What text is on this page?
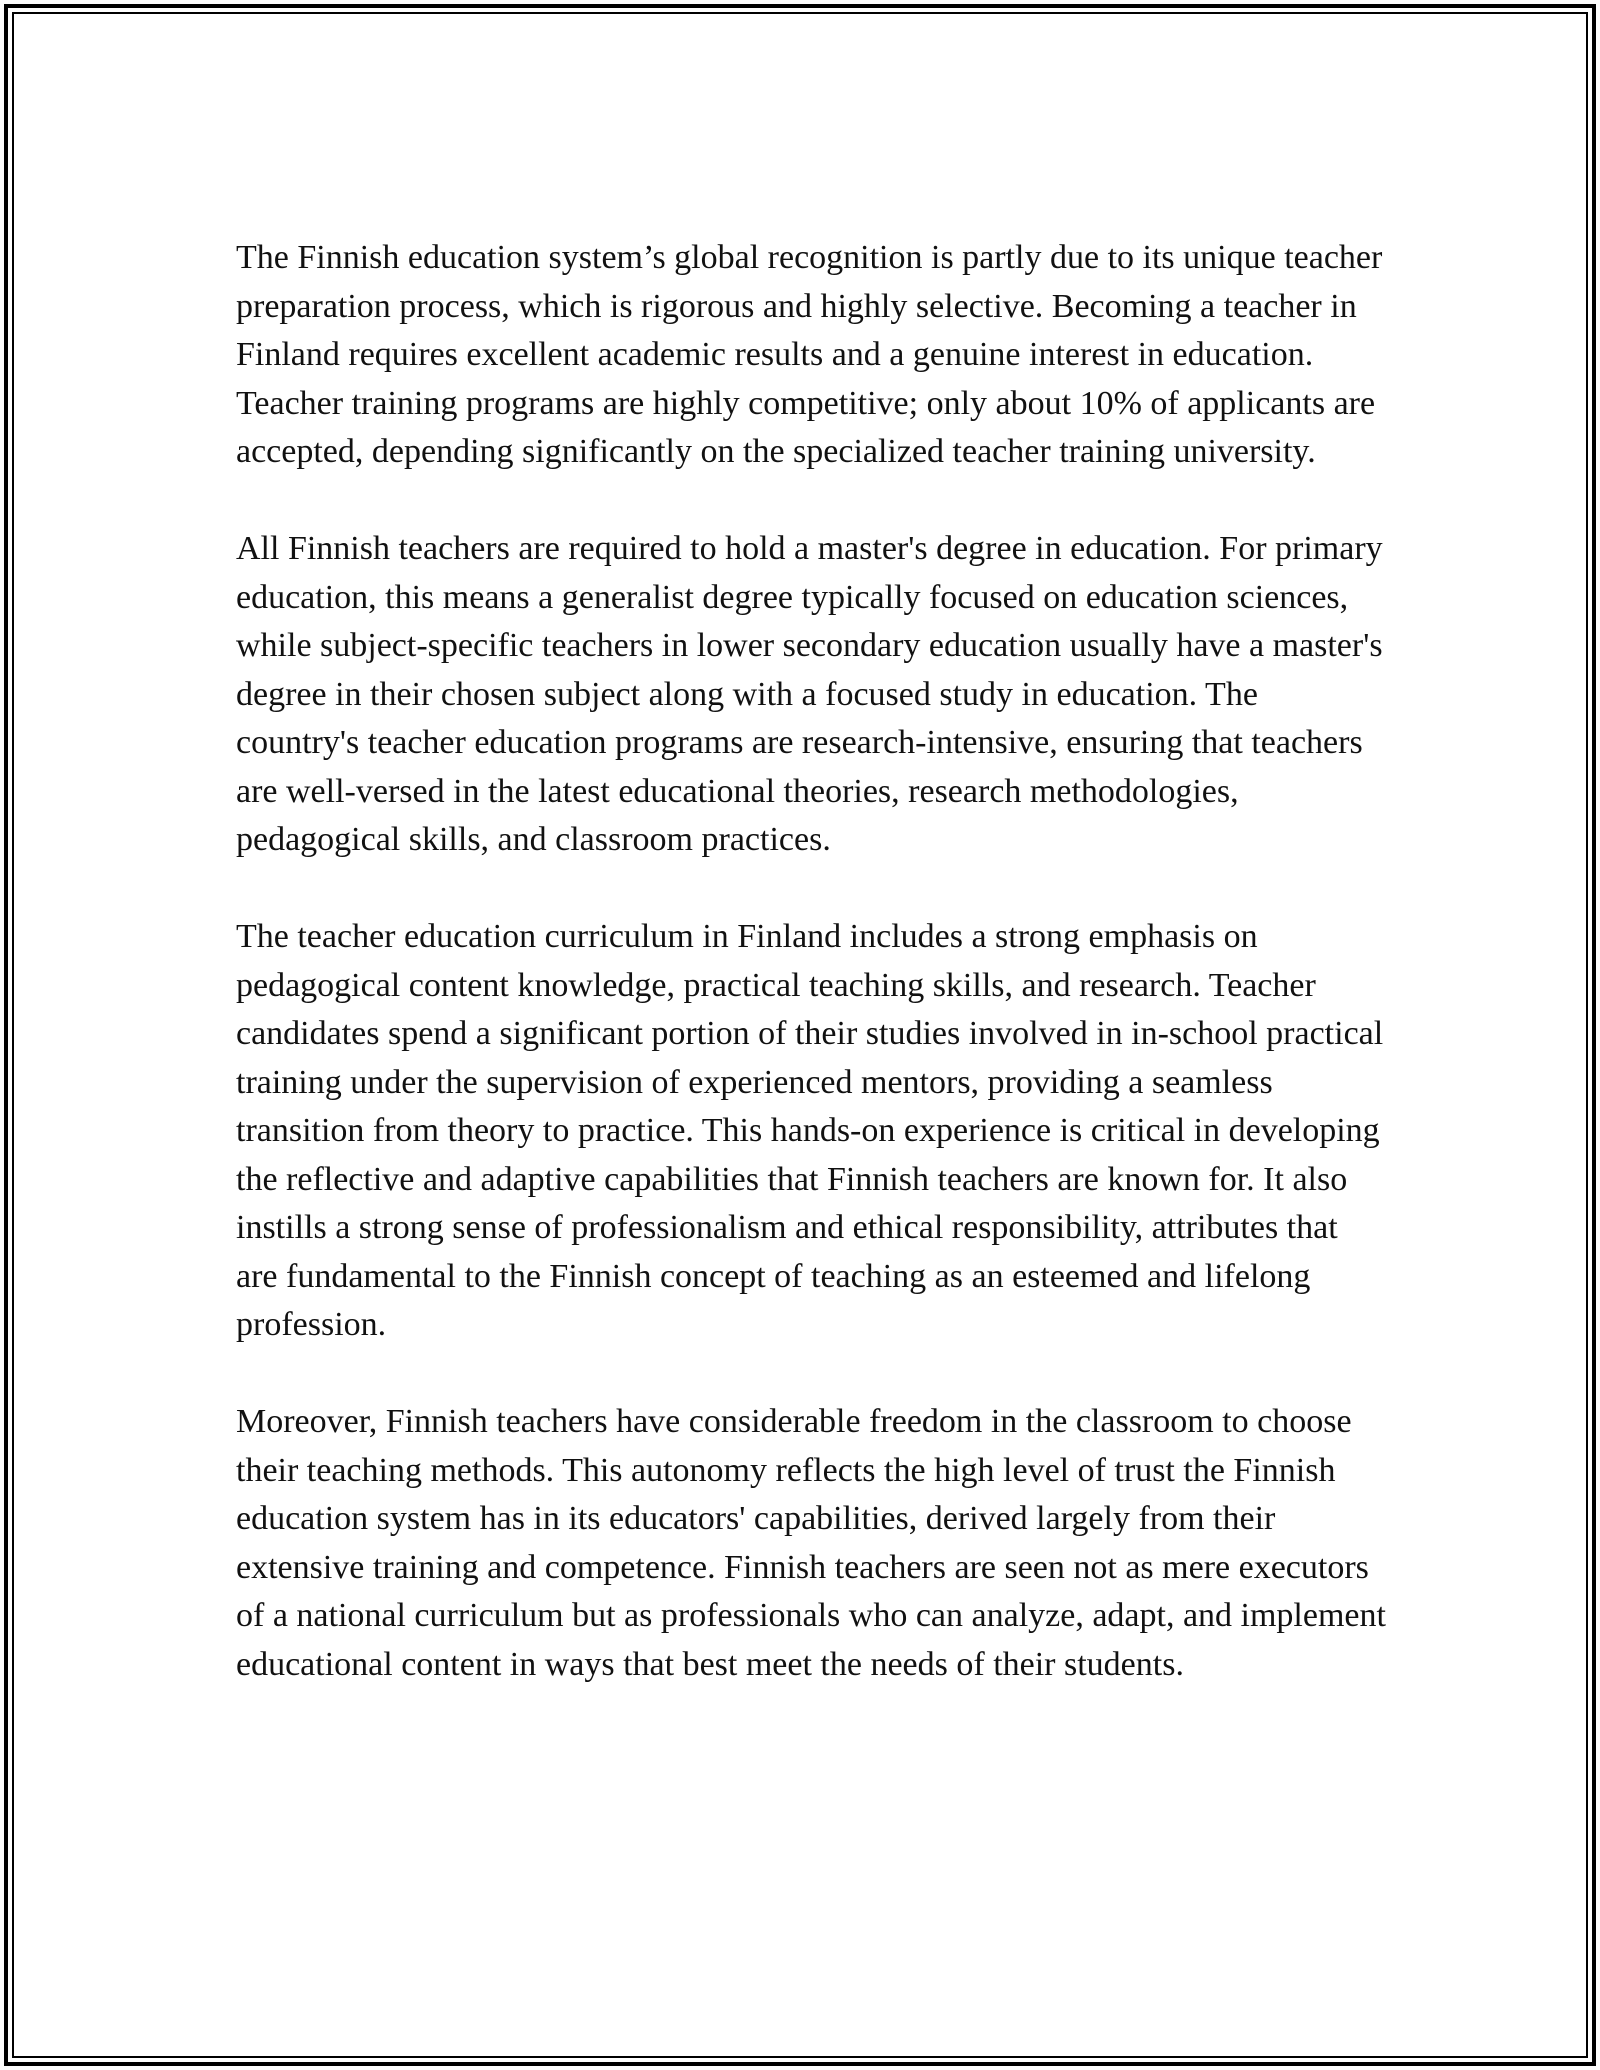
The Finnish education system’s global recognition is partly due to its unique teacher preparation process, which is rigorous and highly selective. Becoming a teacher in Finland requires excellent academic results and a genuine interest in education. Teacher training programs are highly competitive; only about 10% of applicants are accepted, depending significantly on the specialized teacher training university.

All Finnish teachers are required to hold a master's degree in education. For primary education, this means a generalist degree typically focused on education sciences, while subject-specific teachers in lower secondary education usually have a master's degree in their chosen subject along with a focused study in education. The country's teacher education programs are research-intensive, ensuring that teachers are well-versed in the latest educational theories, research methodologies, pedagogical skills, and classroom practices.

The teacher education curriculum in Finland includes a strong emphasis on pedagogical content knowledge, practical teaching skills, and research. Teacher candidates spend a significant portion of their studies involved in in-school practical training under the supervision of experienced mentors, providing a seamless transition from theory to practice. This hands-on experience is critical in developing the reflective and adaptive capabilities that Finnish teachers are known for. It also instills a strong sense of professionalism and ethical responsibility, attributes that are fundamental to the Finnish concept of teaching as an esteemed and lifelong profession.

Moreover, Finnish teachers have considerable freedom in the classroom to choose their teaching methods. This autonomy reflects the high level of trust the Finnish education system has in its educators' capabilities, derived largely from their extensive training and competence. Finnish teachers are seen not as mere executors of a national curriculum but as professionals who can analyze, adapt, and implement educational content in ways that best meet the needs of their students.
